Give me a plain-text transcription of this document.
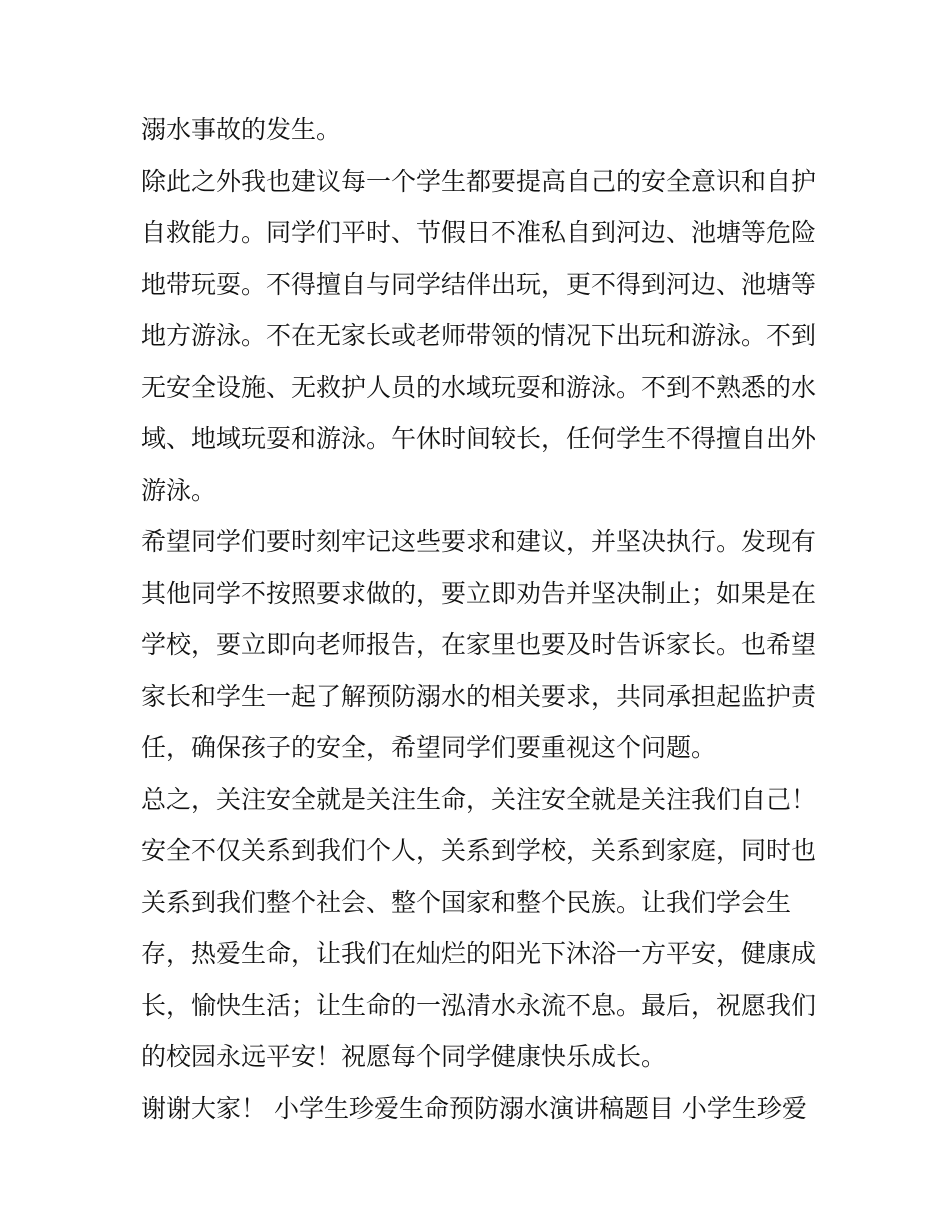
溺水事故的发生。
除此之外我也建议每一个学生都要提高自己的安全意识和自护
自救能力。同学们平时、节假日不准私自到河边、池塘等危险
地带玩耍。不得擅自与同学结伴出玩，更不得到河边、池塘等
地方游泳。不在无家长或老师带领的情况下出玩和游泳。不到
无安全设施、无救护人员的水域玩耍和游泳。不到不熟悉的水
域、地域玩耍和游泳。午休时间较长，任何学生不得擅自出外
游泳。
希望同学们要时刻牢记这些要求和建议，并坚决执行。发现有
其他同学不按照要求做的，要立即劝告并坚决制止；如果是在
学校，要立即向老师报告，在家里也要及时告诉家长。也希望
家长和学生一起了解预防溺水的相关要求，共同承担起监护责
任，确保孩子的安全，希望同学们要重视这个问题。
总之，关注安全就是关注生命，关注安全就是关注我们自己！
安全不仅关系到我们个人，关系到学校，关系到家庭，同时也
关系到我们整个社会、整个国家和整个民族。让我们学会生
存，热爱生命，让我们在灿烂的阳光下沐浴一方平安，健康成
长，愉快生活；让生命的一泓清水永流不息。最后，祝愿我们
的校园永远平安！祝愿每个同学健康快乐成长。
谢谢大家！ 小学生珍爱生命预防溺水演讲稿题目 小学生珍爱
